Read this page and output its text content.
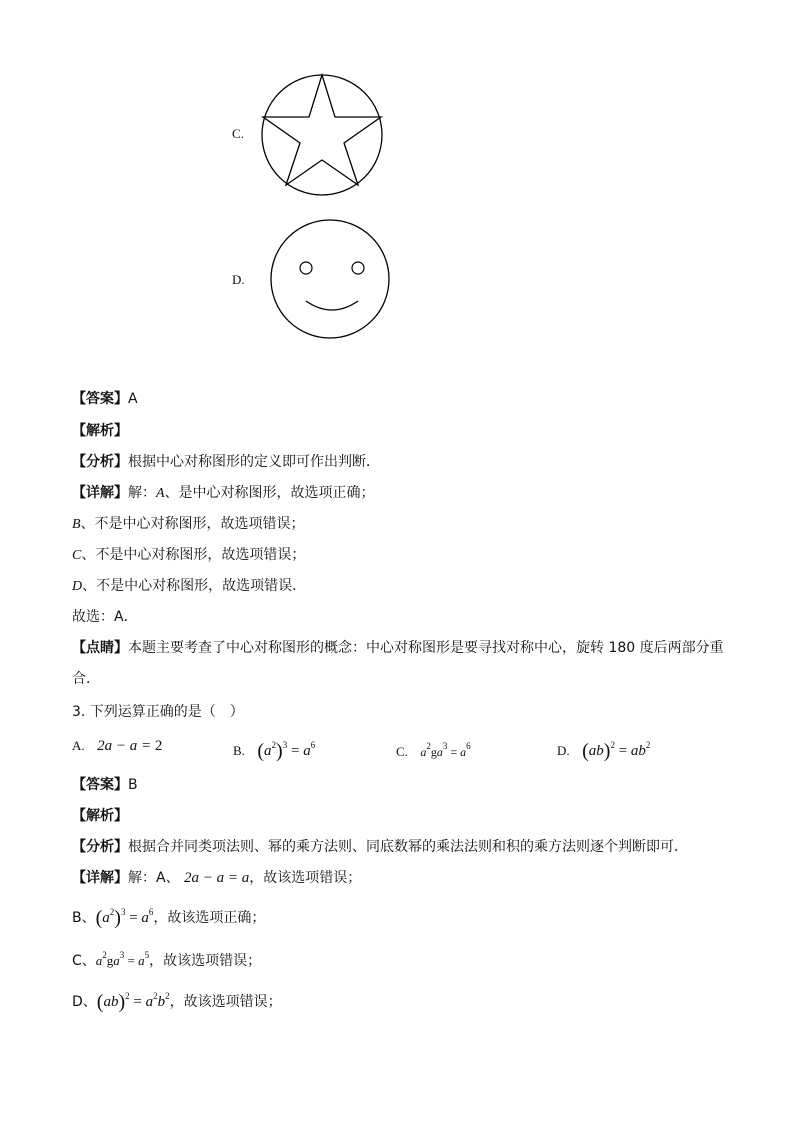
C.
D.
【答案】A
【解析】
【分析】根据中心对称图形的定义即可作出判断．
【详解】解：A、是中心对称图形，故选项正确；
B、不是中心对称图形，故选项错误；
C、不是中心对称图形，故选项错误；
D、不是中心对称图形，故选项错误．
故选：A．
【点睛】本题主要考查了中心对称图形的概念：中心对称图形是要寻找对称中心，旋转 180 度后两部分重
合．
3. 下列运算正确的是（　）
A. 2a − a = 2	B. $(a^2)^3 = a^6$	C. $a^2ga^3 = a^6$	D. $(ab)^2 = ab^2$
【答案】B
【解析】
【分析】根据合并同类项法则、幂的乘方法则、同底数幂的乘法法则和积的乘方法则逐个判断即可．
【详解】解：A、 2a − a = a，故该选项错误；
B、$(a^2)^3 = a^6$，故该选项正确；
C、$a^2ga^3 = a^5$，故该选项错误；
D、$(ab)^2 = a^2b^2$，故该选项错误；
